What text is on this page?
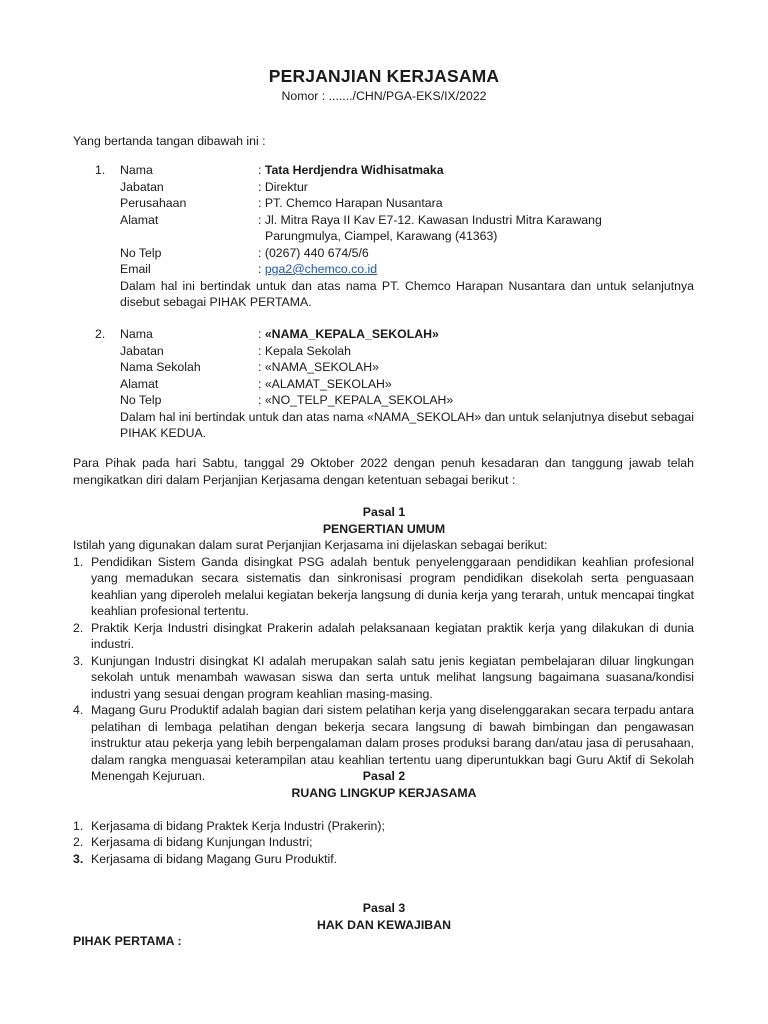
PERJANJIAN KERJASAMA
Nomor : ......./CHN/PGA-EKS/IX/2022
Yang bertanda tangan dibawah ini :
1. Nama	: Tata Herdjendra Widhisatmaka
Jabatan	: Direktur
Perusahaan	: PT. Chemco Harapan Nusantara
Alamat	: Jl. Mitra Raya II Kav E7-12. Kawasan Industri Mitra Karawang
Parungmulya, Ciampel, Karawang (41363)
No Telp	: (0267) 440 674/5/6
Email	: pga2@chemco.co.id
Dalam hal ini bertindak untuk dan atas nama PT. Chemco Harapan Nusantara dan untuk selanjutnya disebut sebagai PIHAK PERTAMA.
2. Nama	: «NAMA_KEPALA_SEKOLAH»
Jabatan	: Kepala Sekolah
Nama Sekolah	: «NAMA_SEKOLAH»
Alamat	: «ALAMAT_SEKOLAH»
No Telp	: «NO_TELP_KEPALA_SEKOLAH»
Dalam hal ini bertindak untuk dan atas nama «NAMA_SEKOLAH» dan untuk selanjutnya disebut sebagai PIHAK KEDUA.
Para Pihak pada hari Sabtu, tanggal 29 Oktober 2022 dengan penuh kesadaran dan tanggung jawab telah mengikatkan diri dalam Perjanjian Kerjasama dengan ketentuan sebagai berikut :
Pasal 1
PENGERTIAN UMUM
Istilah yang digunakan dalam surat Perjanjian Kerjasama ini dijelaskan sebagai berikut:
1. Pendidikan Sistem Ganda disingkat PSG adalah bentuk penyelenggaraan pendidikan keahlian profesional yang memadukan secara sistematis dan sinkronisasi program pendidikan disekolah serta penguasaan keahlian yang diperoleh melalui kegiatan bekerja langsung di dunia kerja yang terarah, untuk mencapai tingkat keahlian profesional tertentu.
2. Praktik Kerja Industri disingkat Prakerin adalah pelaksanaan kegiatan praktik kerja yang dilakukan di dunia industri.
3. Kunjungan Industri disingkat KI adalah merupakan salah satu jenis kegiatan pembelajaran diluar lingkungan sekolah untuk menambah wawasan siswa dan serta untuk melihat langsung bagaimana suasana/kondisi industri yang sesuai dengan program keahlian masing-masing.
4. Magang Guru Produktif adalah bagian dari sistem pelatihan kerja yang diselenggarakan secara terpadu antara pelatihan di lembaga pelatihan dengan bekerja secara langsung di bawah bimbingan dan pengawasan instruktur atau pekerja yang lebih berpengalaman dalam proses produksi barang dan/atau jasa di perusahaan, dalam rangka menguasai keterampilan atau keahlian tertentu uang diperuntukkan bagi Guru Aktif di Sekolah Menengah Kejuruan.	Pasal 2
RUANG LINGKUP KERJASAMA
1. Kerjasama di bidang Praktek Kerja Industri (Prakerin);
2. Kerjasama di bidang Kunjungan Industri;
3. Kerjasama di bidang Magang Guru Produktif.
Pasal 3
HAK DAN KEWAJIBAN
PIHAK PERTAMA :
